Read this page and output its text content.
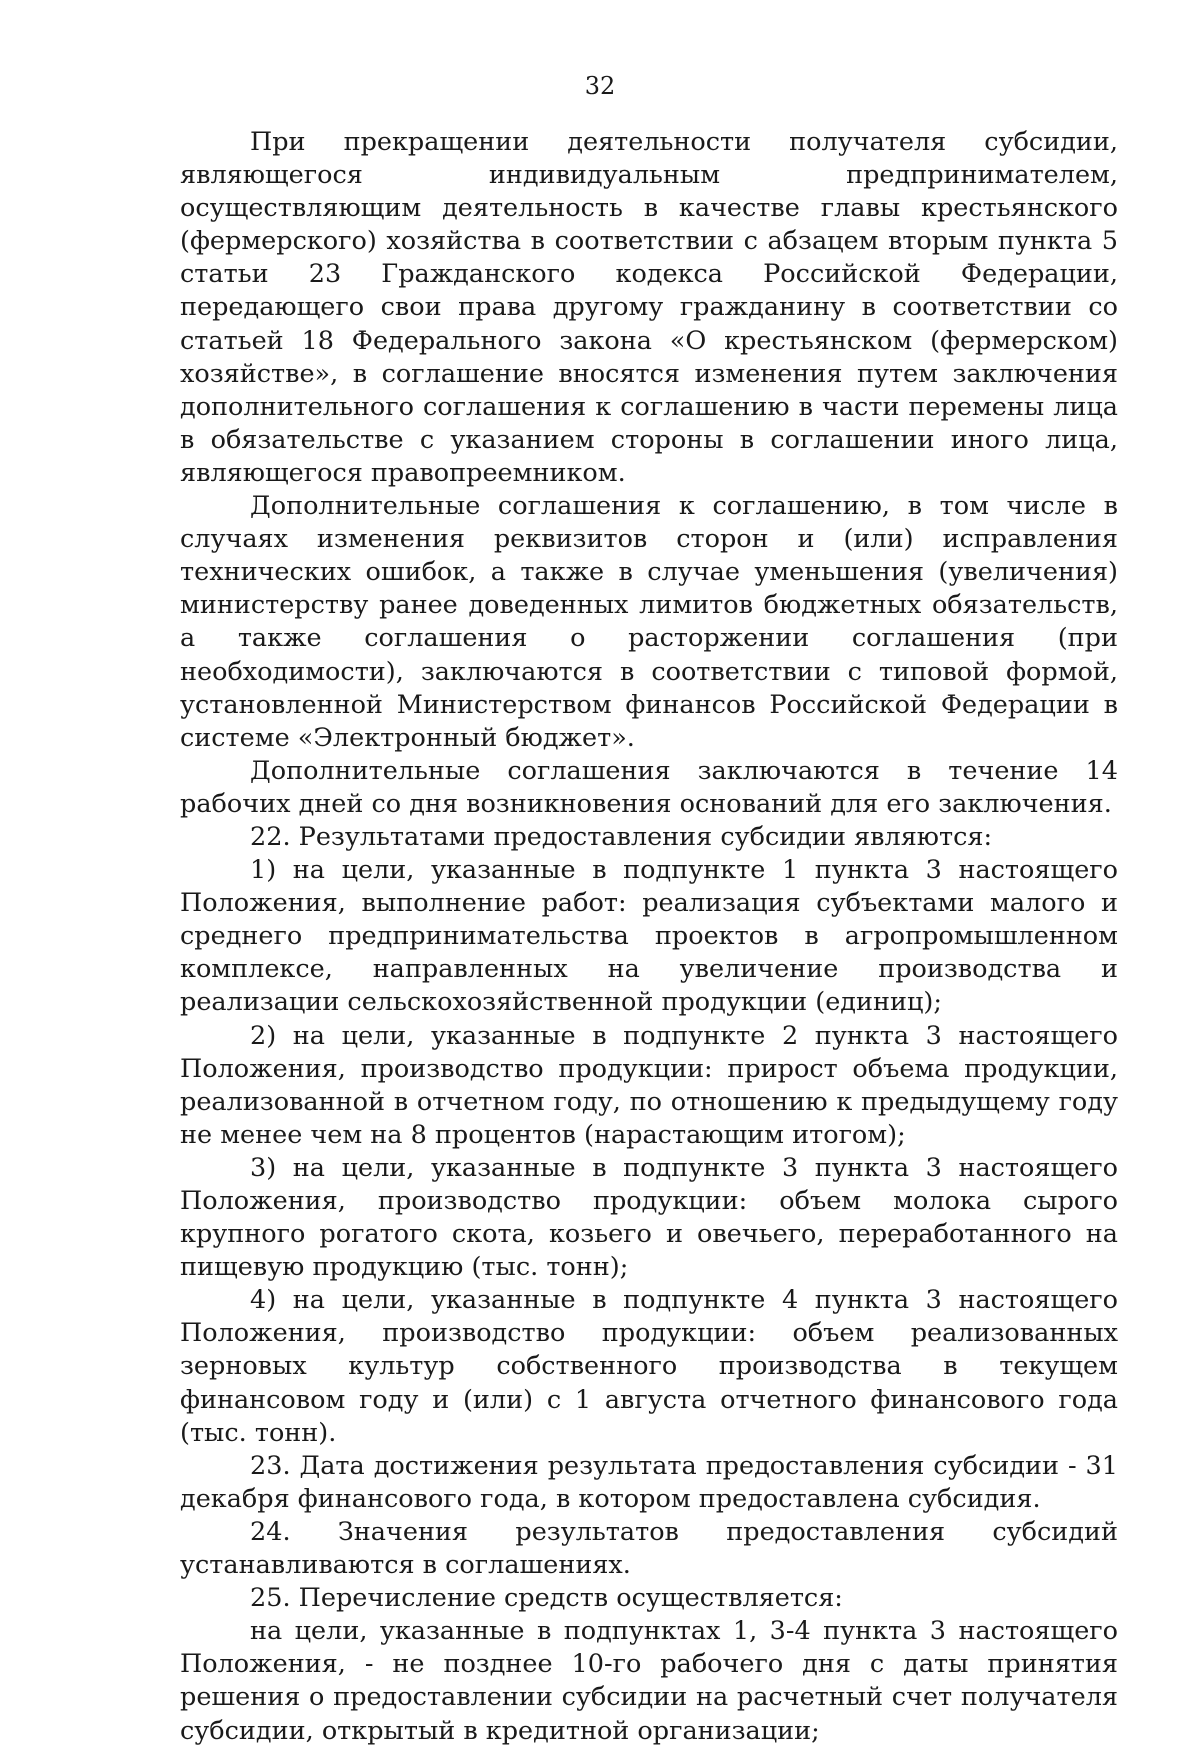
32

При прекращении деятельности получателя субсидии, являющегося индивидуальным предпринимателем, осуществляющим деятельность в качестве главы крестьянского (фермерского) хозяйства в соответствии с абзацем вторым пункта 5 статьи 23 Гражданского кодекса Российской Федерации, передающего свои права другому гражданину в соответствии со статьей 18 Федерального закона «О крестьянском (фермерском) хозяйстве», в соглашение вносятся изменения путем заключения дополнительного соглашения к соглашению в части перемены лица в обязательстве с указанием стороны в соглашении иного лица, являющегося правопреемником.

Дополнительные соглашения к соглашению, в том числе в случаях изменения реквизитов сторон и (или) исправления технических ошибок, а также в случае уменьшения (увеличения) министерству ранее доведенных лимитов бюджетных обязательств, а также соглашения о расторжении соглашения (при необходимости), заключаются в соответствии с типовой формой, установленной Министерством финансов Российской Федерации в системе «Электронный бюджет».

Дополнительные соглашения заключаются в течение 14 рабочих дней со дня возникновения оснований для его заключения.

22. Результатами предоставления субсидии являются:

1) на цели, указанные в подпункте 1 пункта 3 настоящего Положения, выполнение работ: реализация субъектами малого и среднего предпринимательства проектов в агропромышленном комплексе, направленных на увеличение производства и реализации сельскохозяйственной продукции (единиц);

2) на цели, указанные в подпункте 2 пункта 3 настоящего Положения, производство продукции: прирост объема продукции, реализованной в отчетном году, по отношению к предыдущему году не менее чем на 8 процентов (нарастающим итогом);

3) на цели, указанные в подпункте 3 пункта 3 настоящего Положения, производство продукции: объем молока сырого крупного рогатого скота, козьего и овечьего, переработанного на пищевую продукцию (тыс. тонн);

4) на цели, указанные в подпункте 4 пункта 3 настоящего Положения, производство продукции: объем реализованных зерновых культур собственного производства в текущем финансовом году и (или) с 1 августа отчетного финансового года (тыс. тонн).

23. Дата достижения результата предоставления субсидии - 31 декабря финансового года, в котором предоставлена субсидия.

24. Значения результатов предоставления субсидий устанавливаются в соглашениях.

25. Перечисление средств осуществляется:

на цели, указанные в подпунктах 1, 3-4 пункта 3 настоящего Положения, - не позднее 10-го рабочего дня с даты принятия решения о предоставлении субсидии на расчетный счет получателя субсидии, открытый в кредитной организации;
